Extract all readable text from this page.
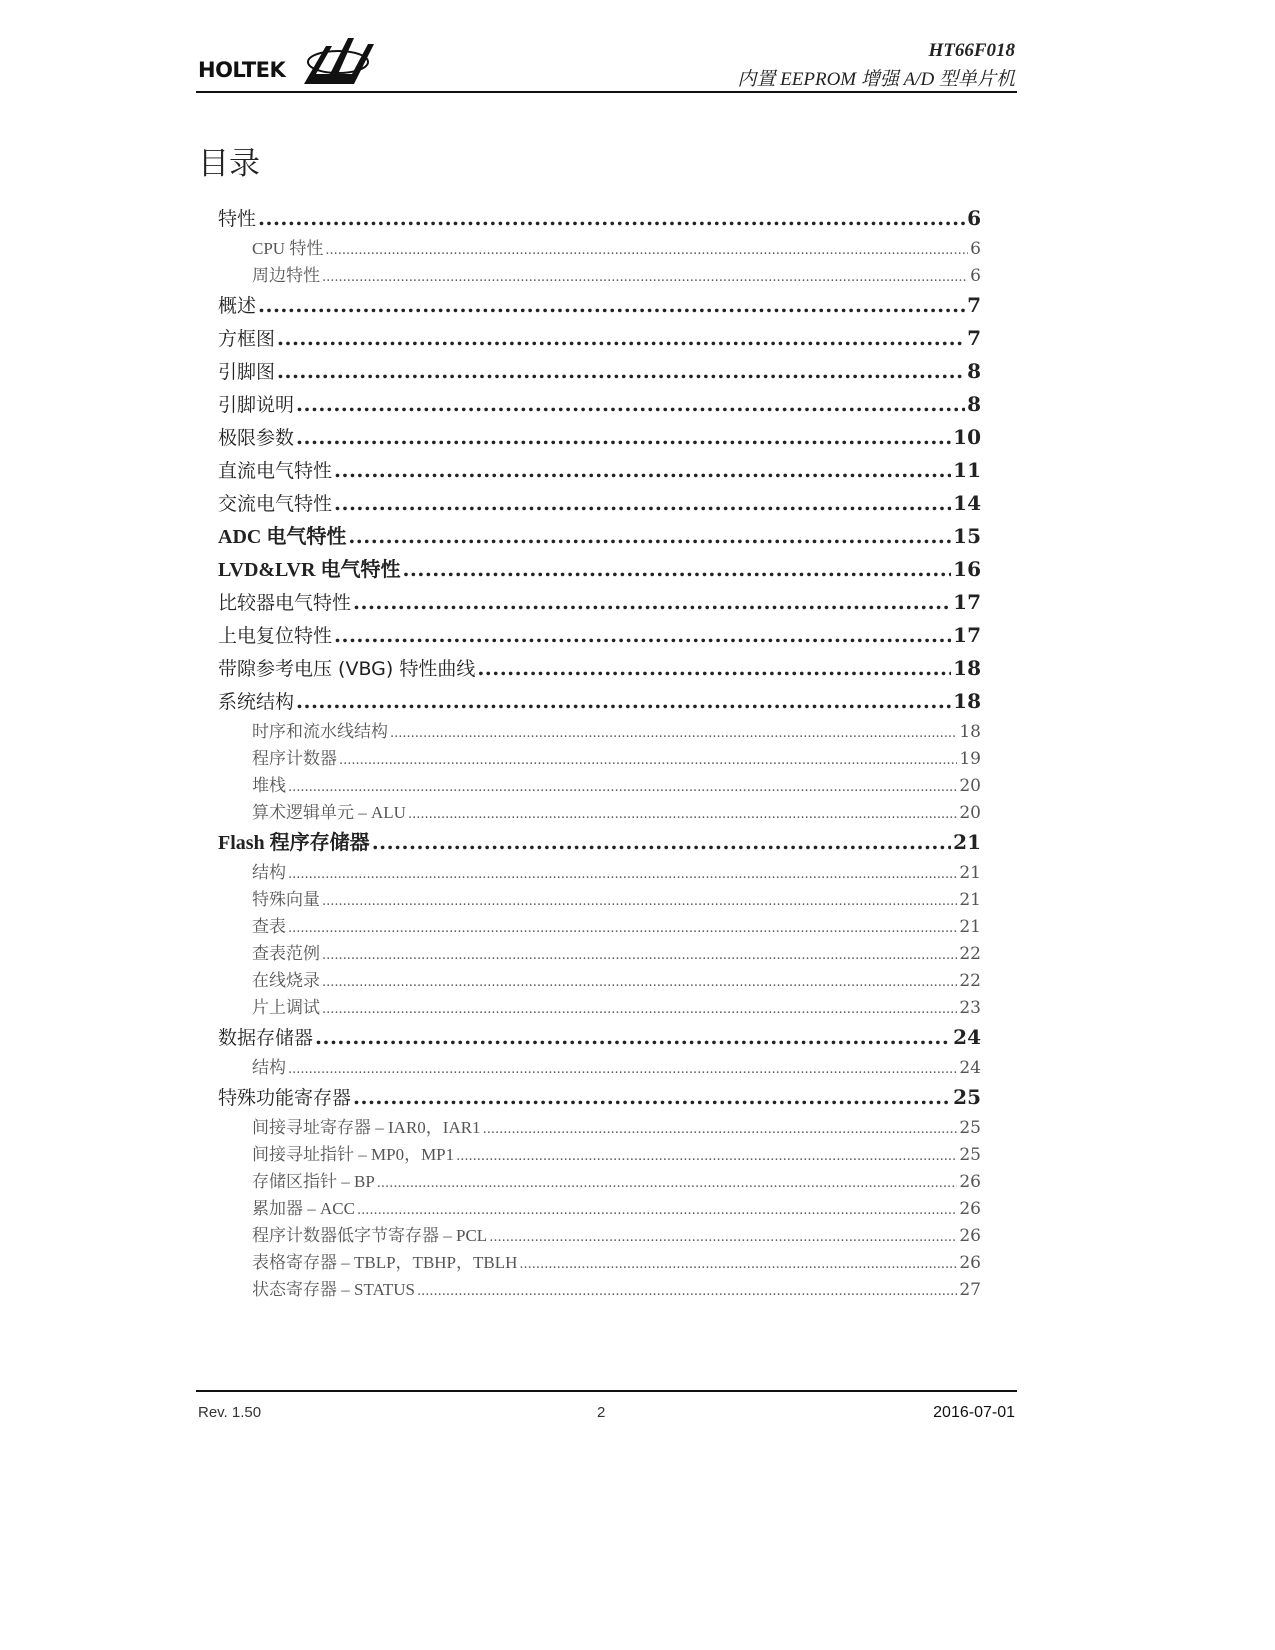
HOLTEK
HT66F018
内置 EEPROM 增强 A/D 型单片机
目录
特性 .....	6
CPU 特性 .....	6
周边特性 .....	6
概述 .....	7
方框图 .....	7
引脚图 .....	8
引脚说明 .....	8
极限参数 .....	10
直流电气特性 .....	11
交流电气特性 .....	14
ADC 电气特性 .....	15
LVD&LVR 电气特性 .....	16
比较器电气特性 .....	17
上电复位特性 .....	17
带隙参考电压 (VBG) 特性曲线 .....	18
系统结构 .....	18
时序和流水线结构 .....	18
程序计数器 .....	19
堆栈 .....	20
算术逻辑单元 – ALU .....	20
Flash 程序存储器 .....	21
结构 .....	21
特殊向量 .....	21
查表 .....	21
查表范例 .....	22
在线烧录 .....	22
片上调试 .....	23
数据存储器 .....	24
结构 .....	24
特殊功能寄存器 .....	25
间接寻址寄存器 – IAR0，IAR1 .....	25
间接寻址指针 – MP0，MP1 .....	25
存储区指针 – BP .....	26
累加器 – ACC .....	26
程序计数器低字节寄存器 – PCL .....	26
表格寄存器 – TBLP，TBHP，TBLH .....	26
状态寄存器 – STATUS .....	27
Rev. 1.50	2	2016-07-01
